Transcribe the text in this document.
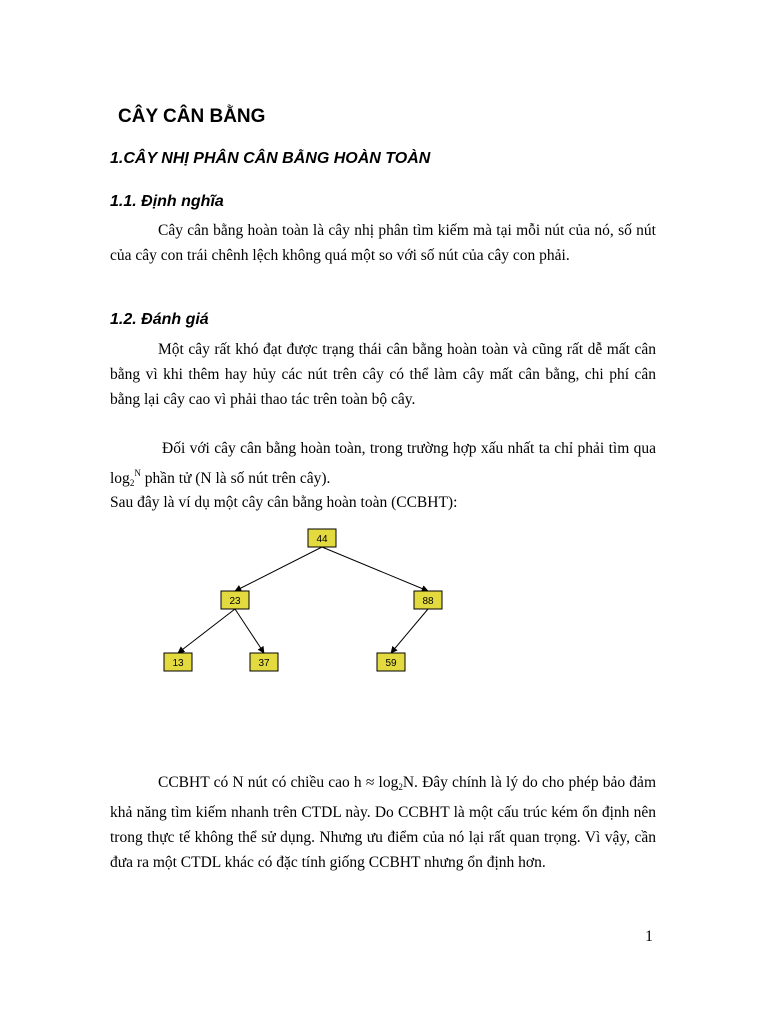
CÂY CÂN BẰNG
1.CÂY NHỊ PHÂN CÂN BẰNG HOÀN TOÀN
1.1. Định nghĩa

Cây cân bằng hoàn toàn là cây nhị phân tìm kiếm mà tại mỗi nút của nó, số nút của cây con trái chênh lệch không quá một so với số nút của cây con phải.

1.2. Đánh giá

Một cây rất khó đạt được trạng thái cân bằng hoàn toàn và cũng rất dễ mất cân bằng vì khi thêm hay hủy các nút trên cây có thể làm cây mất cân bằng, chi phí cân bằng lại cây cao vì phải thao tác trên toàn bộ cây.

Đối với cây cân bằng hoàn toàn, trong trường hợp xấu nhất ta chỉ phải tìm qua $\log_2^N$ phần tử (N là số nút trên cây).

Sau đây là ví dụ một cây cân bằng hoàn toàn (CCBHT):

44
23	88
13	37	59

CCBHT có N nút có chiều cao $h \approx \log_2N$. Đây chính là lý do cho phép bảo đảm khả năng tìm kiếm nhanh trên CTDL này. Do CCBHT là một cấu trúc kém ổn định nên trong thực tế không thể sử dụng. Nhưng ưu điểm của nó lại rất quan trọng. Vì vậy, cần đưa ra một CTDL khác có đặc tính giống CCBHT nhưng ổn định hơn.

1
